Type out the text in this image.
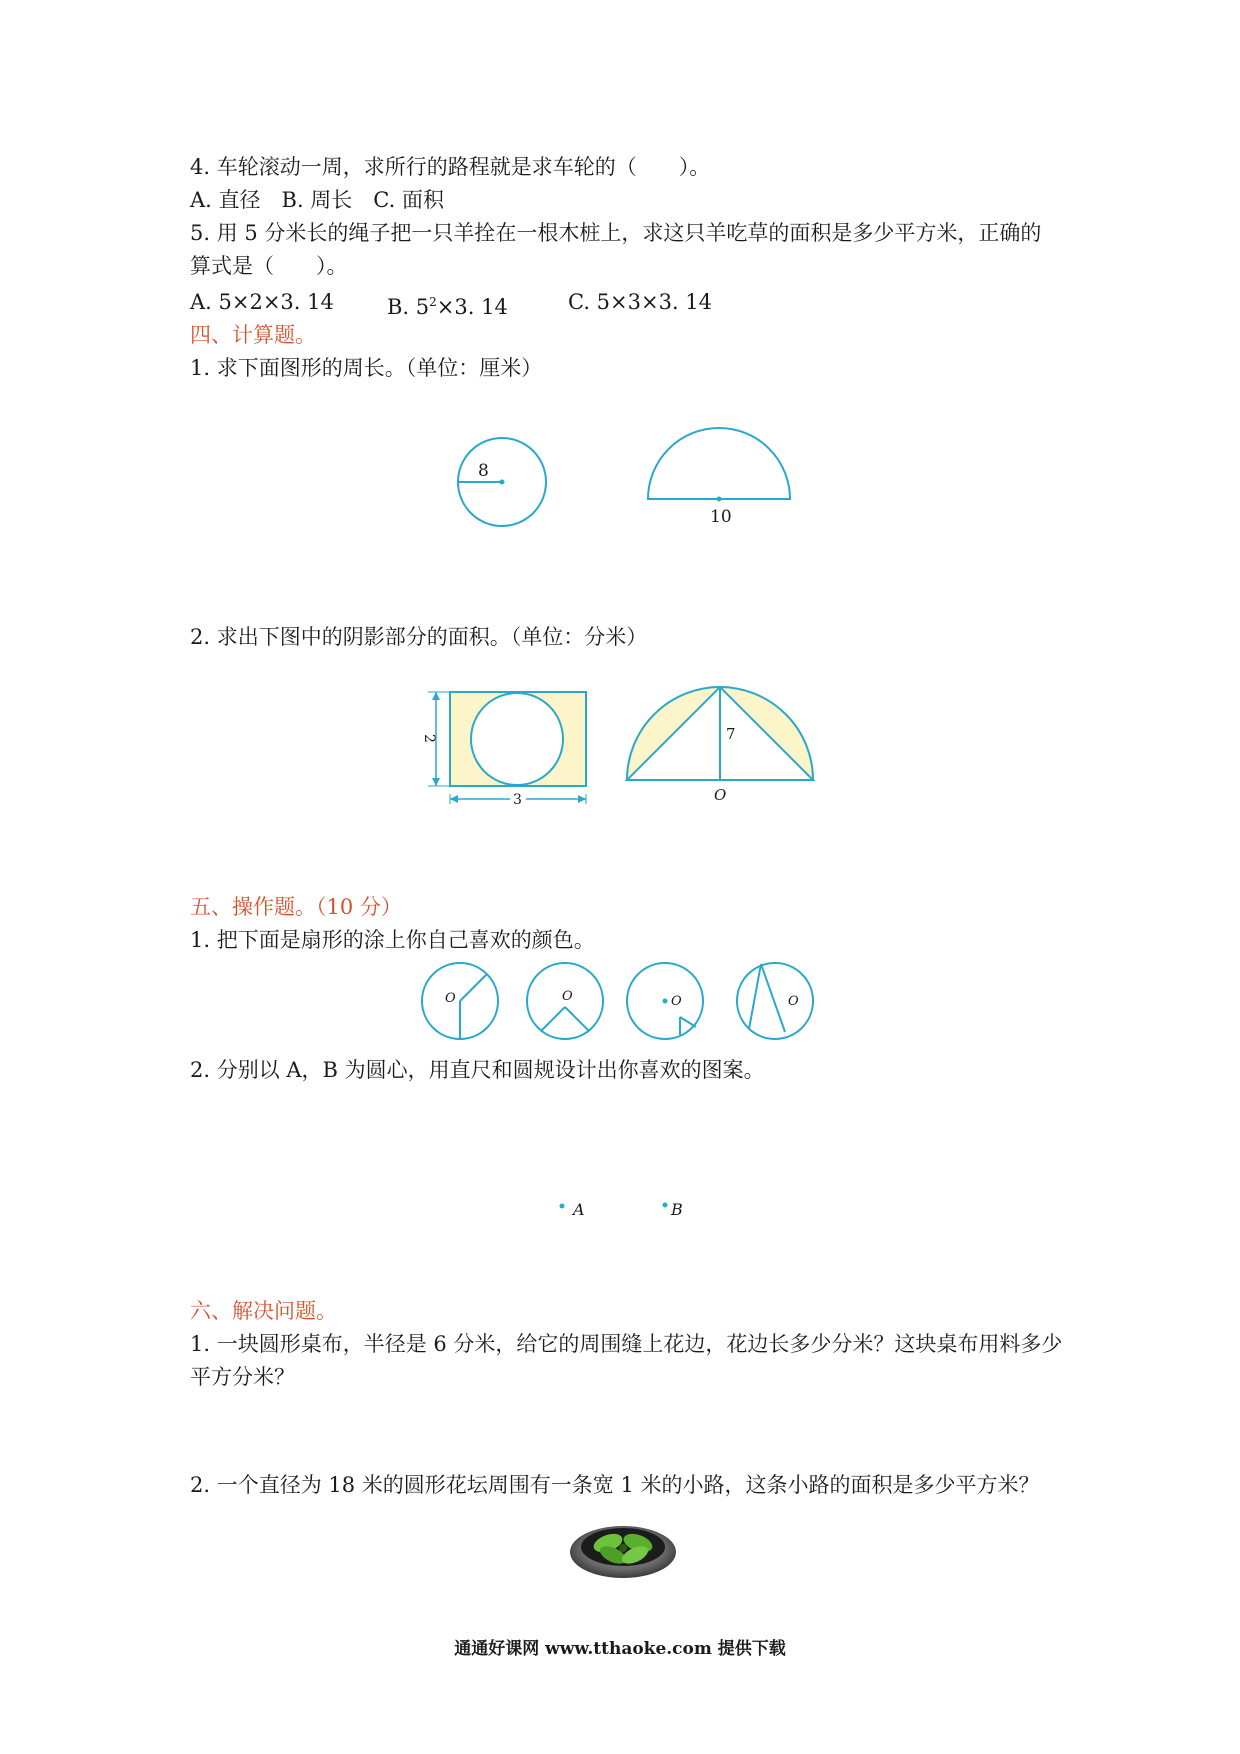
4. 车轮滚动一周，求所行的路程就是求车轮的（　　）。
A. 直径　B. 周长　C. 面积
5. 用 5 分米长的绳子把一只羊拴在一根木桩上，求这只羊吃草的面积是多少平方米，正确的
算式是（　　）。
A. 5×2×3. 14	B. $5^2\times 3$. 14	C. 5×3×3. 14
四、计算题。
1. 求下面图形的周长。（单位：厘米）
8
10
2. 求出下图中的阴影部分的面积。（单位：分米）
2
3
7
O
五、操作题。（10 分）
1. 把下面是扇形的涂上你自己喜欢的颜色。
O	O	O	O
2. 分别以 A，B 为圆心，用直尺和圆规设计出你喜欢的图案。
A	B
六、解决问题。
1. 一块圆形桌布，半径是 6 分米，给它的周围缝上花边，花边长多少分米？这块桌布用料多少
平方分米？
2. 一个直径为 18 米的圆形花坛周围有一条宽 1 米的小路，这条小路的面积是多少平方米？
通通好课网 www.tthaoke.com 提供下载
